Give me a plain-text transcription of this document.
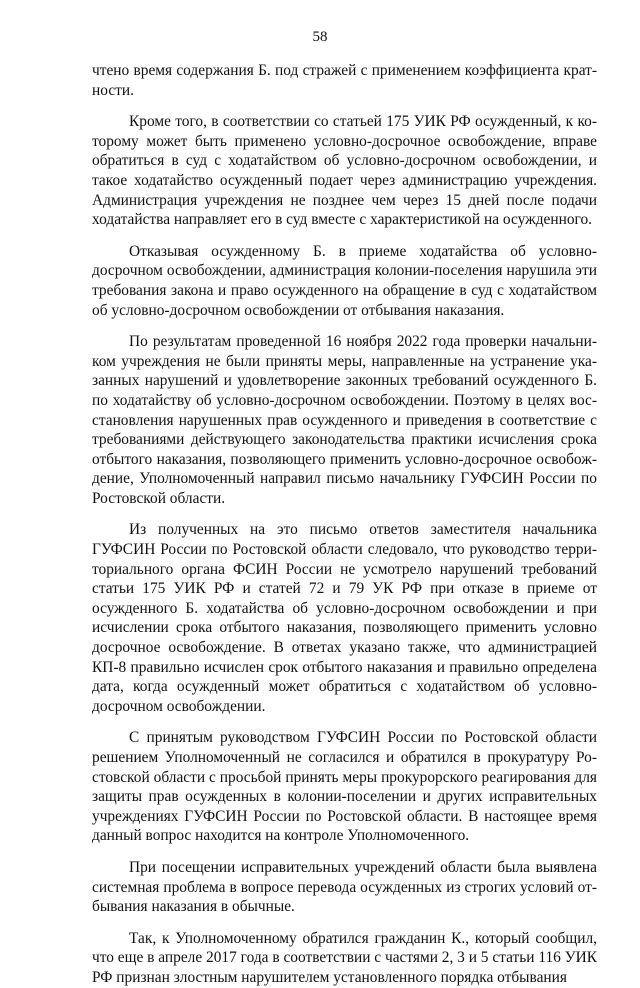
58

чтено время содержания Б. под стражей с применением коэффициента кратности.

Кроме того, в соответствии со статьей 175 УИК РФ осужденный, к которому может быть применено условно-досрочное освобождение, вправе обратиться в суд с ходатайством об условно-досрочном освобождении, и такое ходатайство осужденный подает через администрацию учреждения. Администрация учреждения не позднее чем через 15 дней после подачи ходатайства направляет его в суд вместе с характеристикой на осужденного.

Отказывая осужденному Б. в приеме ходатайства об условно-досрочном освобождении, администрация колонии-поселения нарушила эти требования закона и право осужденного на обращение в суд с ходатайством об условно-досрочном освобождении от отбывания наказания.

По результатам проведенной 16 ноября 2022 года проверки начальником учреждения не были приняты меры, направленные на устранение указанных нарушений и удовлетворение законных требований осужденного Б. по ходатайству об условно-досрочном освобождении. Поэтому в целях восстановления нарушенных прав осужденного и приведения в соответствие с требованиями действующего законодательства практики исчисления срока отбытого наказания, позволяющего применить условно-досрочное освобождение, Уполномоченный направил письмо начальнику ГУФСИН России по Ростовской области.

Из полученных на это письмо ответов заместителя начальника ГУФСИН России по Ростовской области следовало, что руководство территориального органа ФСИН России не усмотрело нарушений требований статьи 175 УИК РФ и статей 72 и 79 УК РФ при отказе в приеме от осужденного Б. ходатайства об условно-досрочном освобождении и при исчислении срока отбытого наказания, позволяющего применить условно досрочное освобождение. В ответах указано также, что администрацией КП-8 правильно исчислен срок отбытого наказания и правильно определена дата, когда осужденный может обратиться с ходатайством об условно-досрочном освобождении.

С принятым руководством ГУФСИН России по Ростовской области решением Уполномоченный не согласился и обратился в прокуратуру Ростовской области с просьбой принять меры прокурорского реагирования для защиты прав осужденных в колонии-поселении и других исправительных учреждениях ГУФСИН России по Ростовской области. В настоящее время данный вопрос находится на контроле Уполномоченного.

При посещении исправительных учреждений области была выявлена системная проблема в вопросе перевода осужденных из строгих условий отбывания наказания в обычные.

Так, к Уполномоченному обратился гражданин К., который сообщил, что еще в апреле 2017 года в соответствии с частями 2, 3 и 5 статьи 116 УИК РФ признан злостным нарушителем установленного порядка отбывания
